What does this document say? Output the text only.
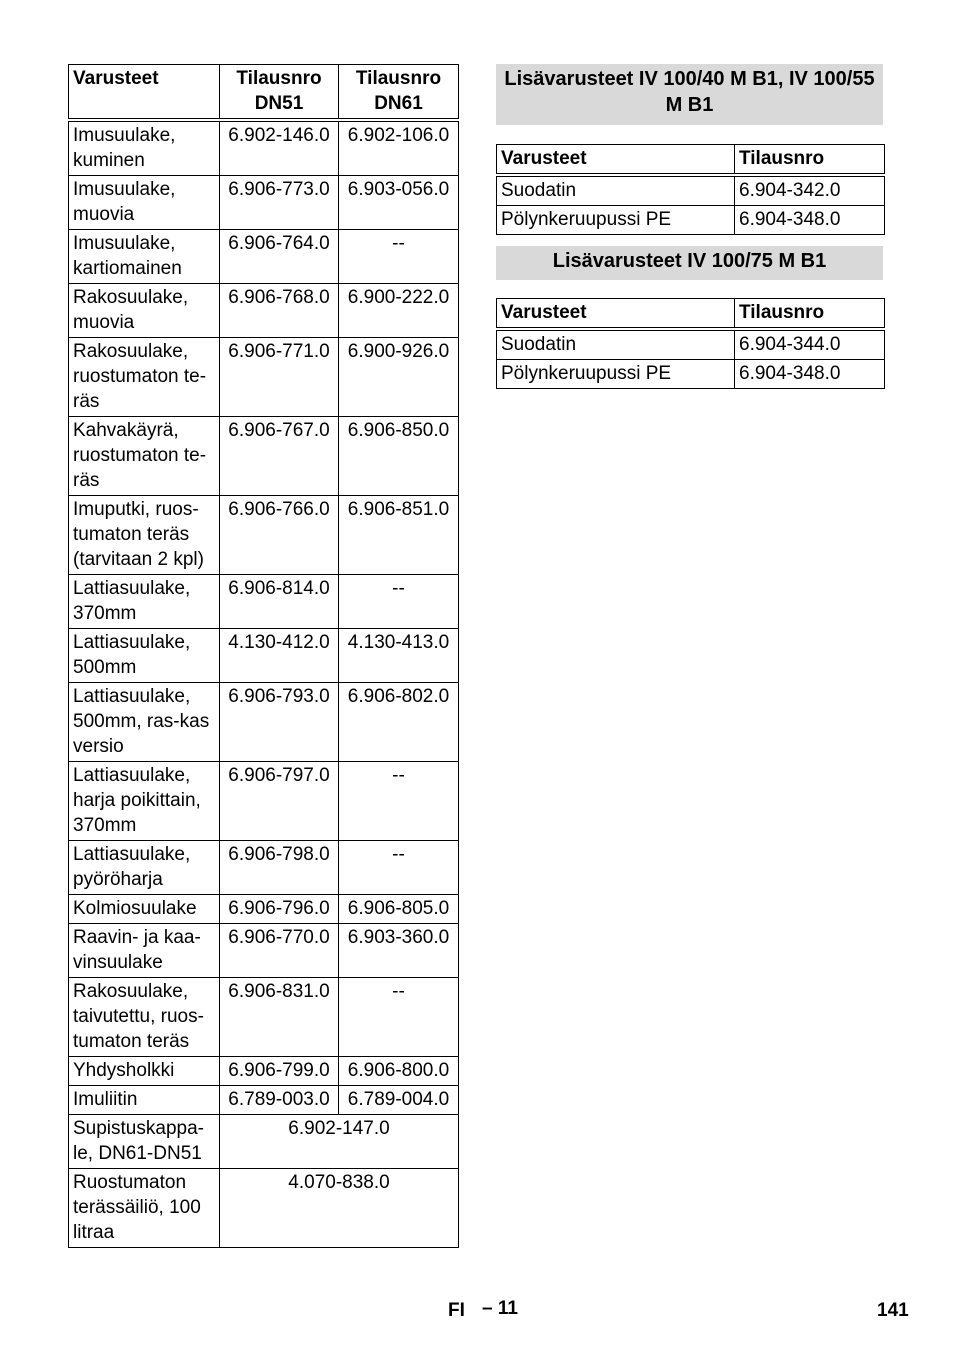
Varusteet	Tilausnro DN51	Tilausnro DN61
Imusuulake, kuminen	6.902-146.0	6.902-106.0
Imusuulake, muovia	6.906-773.0	6.903-056.0
Imusuulake, kartiomainen	6.906-764.0	--
Rakosuulake, muovia	6.906-768.0	6.900-222.0
Rakosuulake, ruostumaton te-räs	6.906-771.0	6.900-926.0
Kahvakäyrä, ruostumaton te-räs	6.906-767.0	6.906-850.0
Imuputki, ruos-tumaton teräs (tarvitaan 2 kpl)	6.906-766.0	6.906-851.0
Lattiasuulake, 370mm	6.906-814.0	--
Lattiasuulake, 500mm	4.130-412.0	4.130-413.0
Lattiasuulake, 500mm, ras-kas versio	6.906-793.0	6.906-802.0
Lattiasuulake, harja poikittain, 370mm	6.906-797.0	--
Lattiasuulake, pyöröharja	6.906-798.0	--
Kolmiosuulake	6.906-796.0	6.906-805.0
Raavin- ja kaa-vinsuulake	6.906-770.0	6.903-360.0
Rakosuulake, taivutettu, ruos-tumaton teräs	6.906-831.0	--
Yhdysholkki	6.906-799.0	6.906-800.0
Imuliitin	6.789-003.0	6.789-004.0
Supistuskappa-le, DN61-DN51	6.902-147.0	
Ruostumaton terässäiliö, 100 litraa	4.070-838.0	
Lisävarusteet IV 100/40 M B1, IV 100/55 M B1
Varusteet	Tilausnro
Suodatin	6.904-342.0
Pölynkeruupussi PE	6.904-348.0
Lisävarusteet IV 100/75 M B1
Varusteet	Tilausnro
Suodatin	6.904-344.0
Pölynkeruupussi PE	6.904-348.0
FI – 11	141
